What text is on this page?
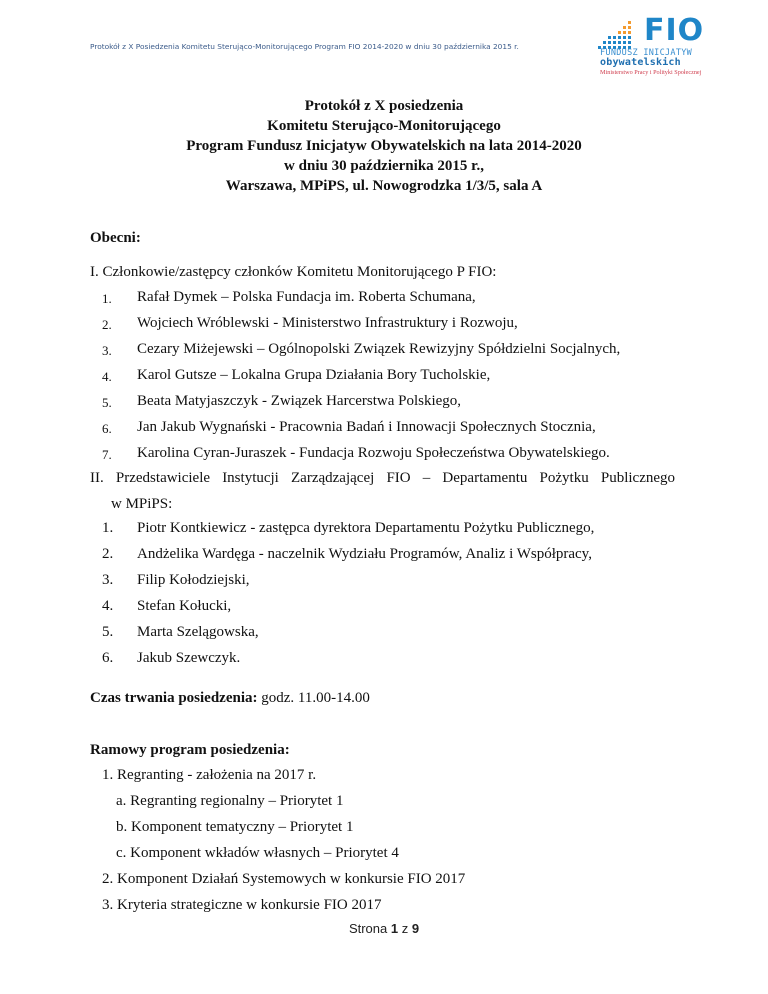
Protokół z X Posiedzenia Komitetu Sterująco-Monitorującego Program FIO 2014-2020 w dniu 30 października 2015 r.	FIO
FUNDUSZ INICJATYW
obywatelskich
Ministerstwo Pracy i Polityki Społecznej
Protokół z X posiedzenia
Komitetu Sterująco-Monitorującego
Program Fundusz Inicjatyw Obywatelskich na lata 2014-2020
w dniu 30 października 2015 r.,
Warszawa, MPiPS, ul. Nowogrodzka 1/3/5, sala A
Obecni:
I. Członkowie/zastępcy członków Komitetu Monitorującego P FIO:
1. Rafał Dymek – Polska Fundacja im. Roberta Schumana,
2. Wojciech Wróblewski - Ministerstwo Infrastruktury i Rozwoju,
3. Cezary Miżejewski – Ogólnopolski Związek Rewizyjny Spółdzielni Socjalnych,
4. Karol Gutsze – Lokalna Grupa Działania Bory Tucholskie,
5. Beata Matyjaszczyk - Związek Harcerstwa Polskiego,
6. Jan Jakub Wygnański - Pracownia Badań i Innowacji Społecznych Stocznia,
7. Karolina Cyran-Juraszek - Fundacja Rozwoju Społeczeństwa Obywatelskiego.
II. Przedstawiciele Instytucji Zarządzającej FIO – Departamentu Pożytku Publicznego
w MPiPS:
1. Piotr Kontkiewicz - zastępca dyrektora Departamentu Pożytku Publicznego,
2. Andżelika Wardęga - naczelnik Wydziału Programów, Analiz i Współpracy,
3. Filip Kołodziejski,
4. Stefan Kołucki,
5. Marta Szelągowska,
6. Jakub Szewczyk.
Czas trwania posiedzenia: godz. 11.00-14.00
Ramowy program posiedzenia:
1. Regranting - założenia na 2017 r.
a. Regranting regionalny – Priorytet 1
b. Komponent tematyczny – Priorytet 1
c. Komponent wkładów własnych – Priorytet 4
2. Komponent Działań Systemowych w konkursie FIO 2017
3. Kryteria strategiczne w konkursie FIO 2017
Strona 1 z 9
